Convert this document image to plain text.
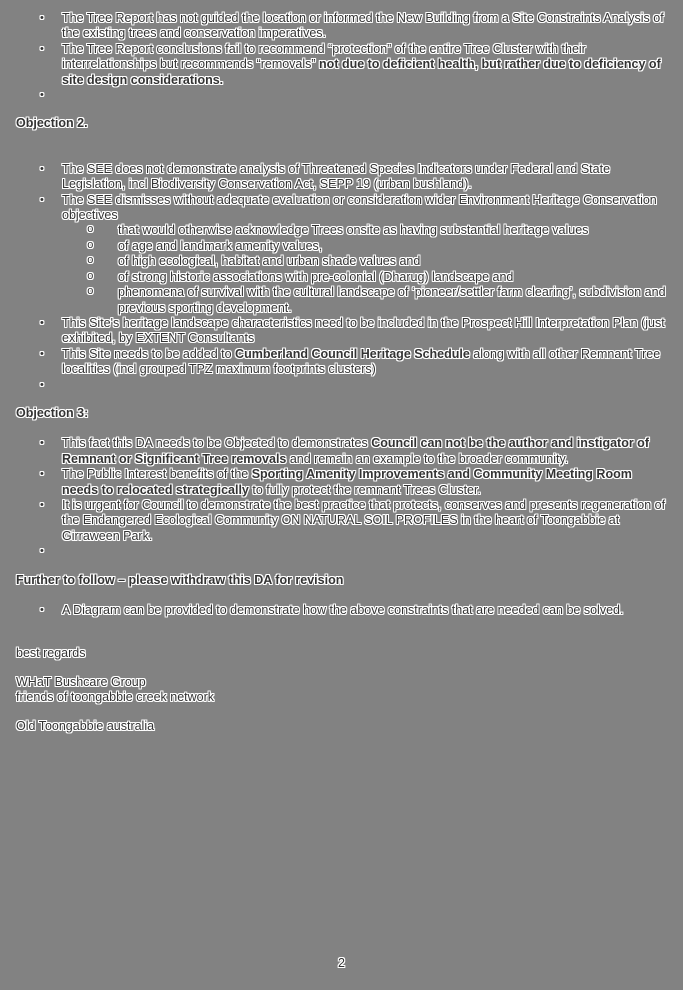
•	The Tree Report has not guided the location or informed the New Building from a Site Constraints Analysis of the existing trees and conservation imperatives.
•	The Tree Report conclusions fail to recommend “protection” of the entire Tree Cluster with their interrelationships but recommends “removals” not due to deficient health, but rather due to deficiency of site design considerations.
•
Objection 2.
•	The SEE does not demonstrate analysis of Threatened Species Indicators under Federal and State Legislation, incl Biodiversity Conservation Act, SEPP 19 (urban bushland).
•	The SEE dismisses without adequate evaluation or consideration wider Environment Heritage Conservation objectives
o	that would otherwise acknowledge Trees onsite as having substantial heritage values
o	of age and landmark amenity values,
o	of high ecological, habitat and urban shade values and
o	of strong historic associations with pre-colonial (Dharug) landscape and
o	phenomena of survival with the cultural landscape of ‘pioneer/settler farm clearing’, subdivision and previous sporting development.
•	This Site's heritage landscape characteristics need to be included in the Prospect Hill Interpretation Plan (just exhibited, by EXTENT Consultants
•	This Site needs to be added to Cumberland Council Heritage Schedule along with all other Remnant Tree localities (incl grouped TPZ maximum footprints clusters)
•
Objection 3:
•	This fact this DA needs to be Objected to demonstrates Council can not be the author and instigator of Remnant or Significant Tree removals and remain an example to the broader community.
•	The Public Interest benefits of the Sporting Amenity Improvements and Community Meeting Room needs to relocated strategically to fully protect the remnant Trees Cluster.
•	It is urgent for Council to demonstrate the best practice that protects, conserves and presents regeneration of the Endangered Ecological Community ON NATURAL SOIL PROFILES in the heart of Toongabbie at Girraween Park.
•
Further to follow – please withdraw this DA for revision
•	A Diagram can be provided to demonstrate how the above constraints that are needed can be solved.
best regards
WHaT Bushcare Group
friends of toongabbie creek network
Old Toongabbie australia
2
